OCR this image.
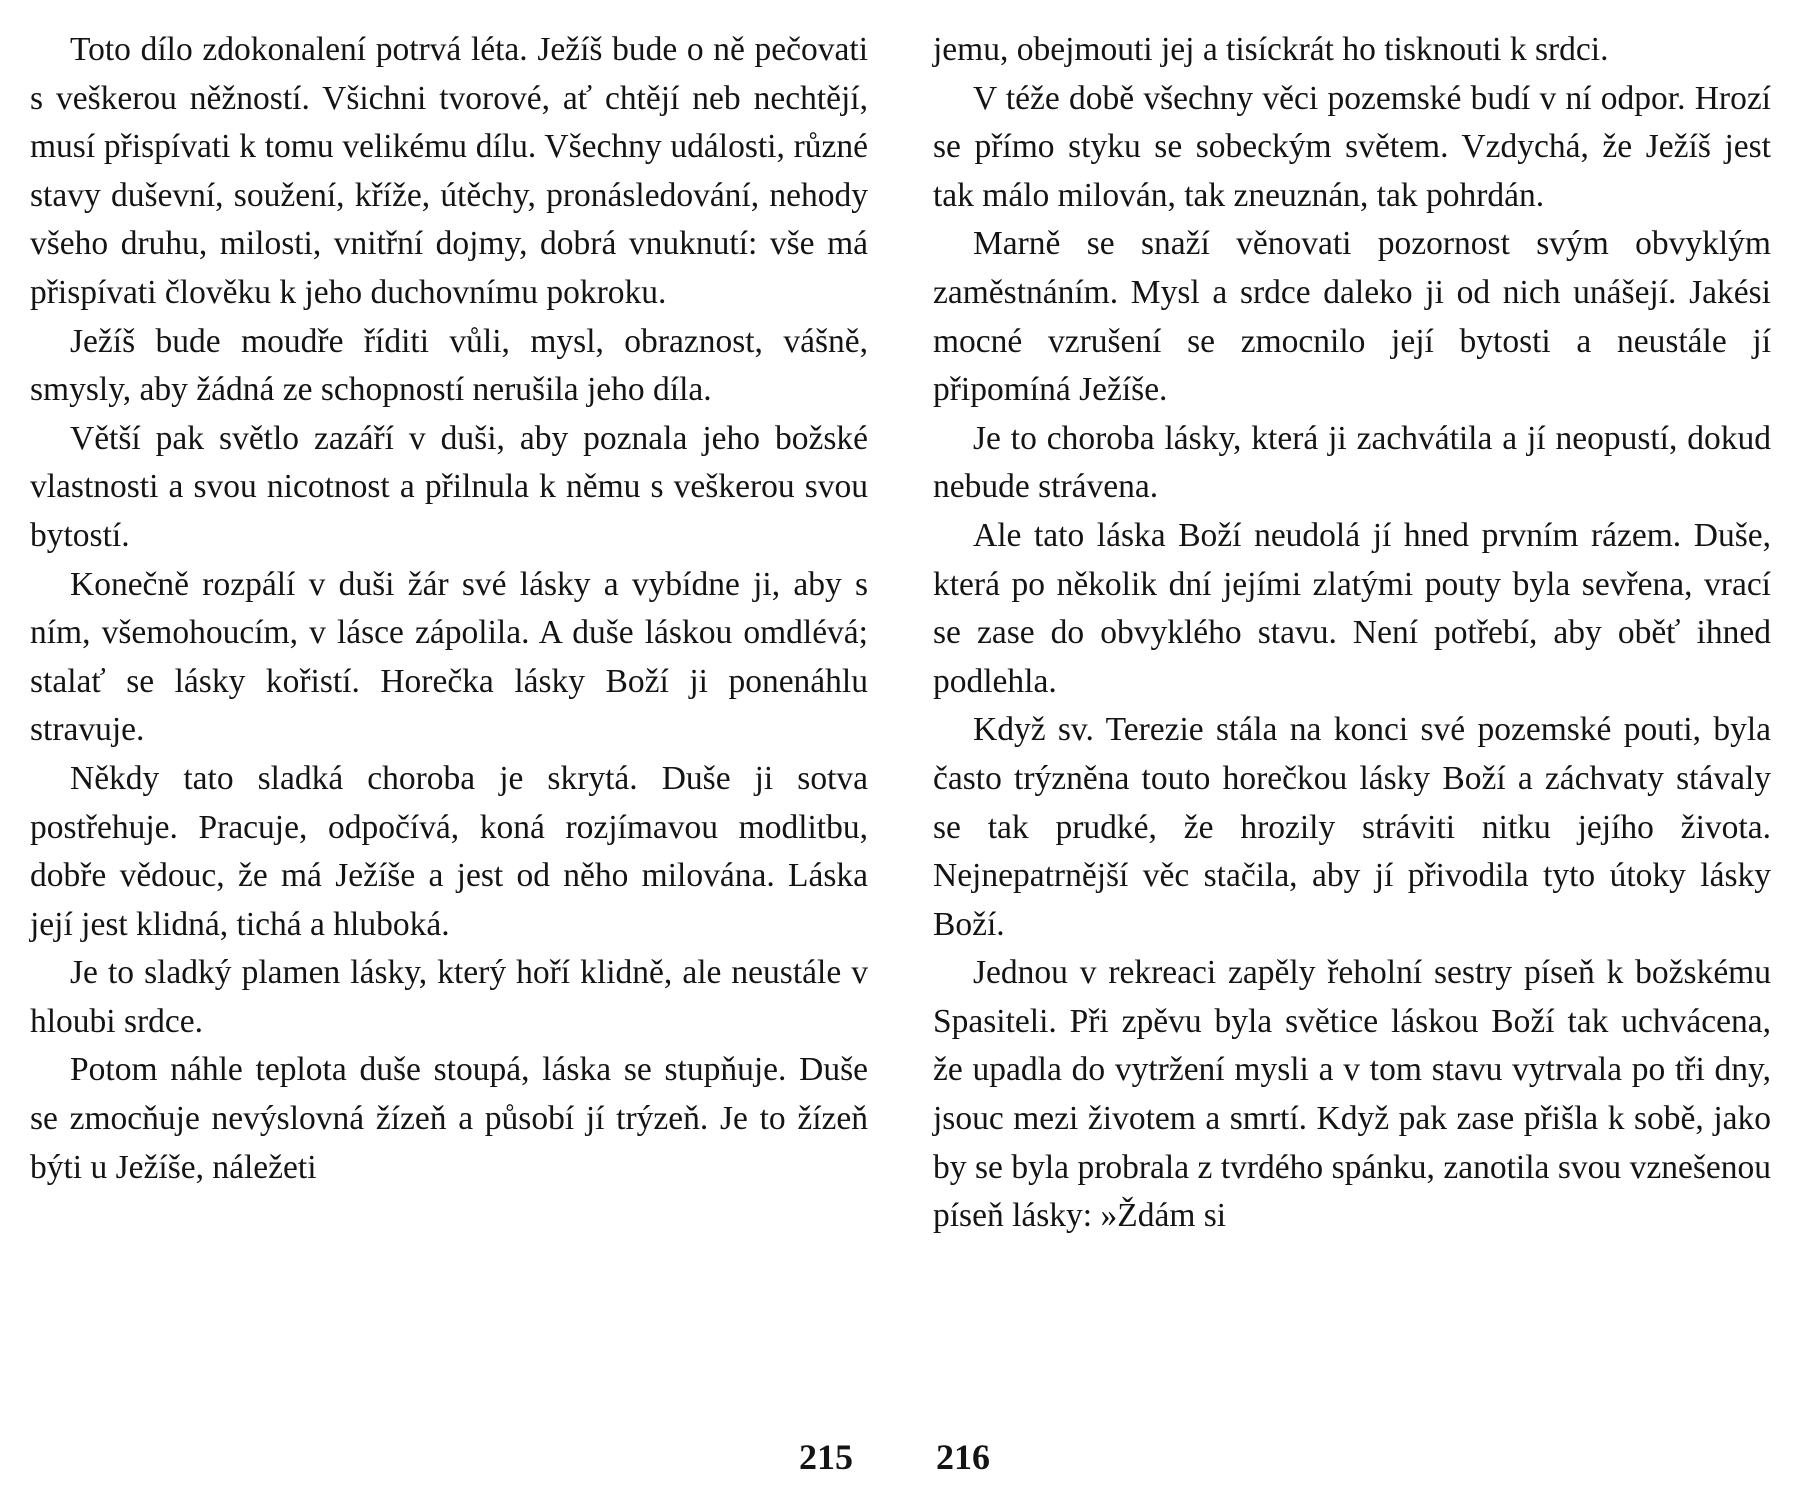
Toto dílo zdokonalení potrvá léta. Ježíš bude o ně pečovati s veškerou něžností. Všichni tvorové, ať chtějí neb nechtějí, musí přispívati k tomu velikému dílu. Všechny události, různé stavy duševní, soužení, kříže, útěchy, pronásledování, nehody všeho druhu, milosti, vnitřní dojmy, dobrá vnuknutí: vše má přispívati člověku k jeho duchovnímu pokroku.

Ježíš bude moudře říditi vůli, mysl, obraznost, vášně, smysly, aby žádná ze schopností nerušila jeho díla.

Větší pak světlo zazáří v duši, aby poznala jeho božské vlastnosti a svou nicotnost a přilnula k němu s veškerou svou bytostí.

Konečně rozpálí v duši žár své lásky a vybídne ji, aby s ním, všemohoucím, v lásce zápolila. A duše láskou omdlévá; stalať se lásky kořistí. Horečka lásky Boží ji ponenáhlu stravuje.

Někdy tato sladká choroba je skrytá. Duše ji sotva postřehuje. Pracuje, odpočívá, koná rozjímavou modlitbu, dobře vědouc, že má Ježíše a jest od něho milována. Láska její jest klidná, tichá a hluboká.

Je to sladký plamen lásky, který hoří klidně, ale neustále v hloubi srdce.

Potom náhle teplota duše stoupá, láska se stupňuje. Duše se zmocňuje nevýslovná žízeň a působí jí trýzeň. Je to žízeň býti u Ježíše, náležeti

215

jemu, obejmouti jej a tisíckrát ho tisknouti k srdci.

V téže době všechny věci pozemské budí v ní odpor. Hrozí se přímo styku se sobeckým světem. Vzdychá, že Ježíš jest tak málo milován, tak zneuznán, tak pohrdán.

Marně se snaží věnovati pozornost svým obvyklým zaměstnáním. Mysl a srdce daleko ji od nich unášejí. Jakési mocné vzrušení se zmocnilo její bytosti a neustále jí připomíná Ježíše.

Je to choroba lásky, která ji zachvátila a jí neopustí, dokud nebude strávena.

Ale tato láska Boží neudolá jí hned prvním rázem. Duše, která po několik dní jejími zlatými pouty byla sevřena, vrací se zase do obvyklého stavu. Není potřebí, aby oběť ihned podlehla.

Když sv. Terezie stála na konci své pozemské pouti, byla často trýzněna touto horečkou lásky Boží a záchvaty stávaly se tak prudké, že hrozily stráviti nitku jejího života. Nejnepatrnější věc stačila, aby jí přivodila tyto útoky lásky Boží.

Jednou v rekreaci zapěly řeholní sestry píseň k božskému Spasiteli. Při zpěvu byla světice láskou Boží tak uchvácena, že upadla do vytržení mysli a v tom stavu vytrvala po tři dny, jsouc mezi životem a smrtí. Když pak zase přišla k sobě, jako by se byla probrala z tvrdého spánku, zanotila svou vznešenou píseň lásky: »Ždám si

216
